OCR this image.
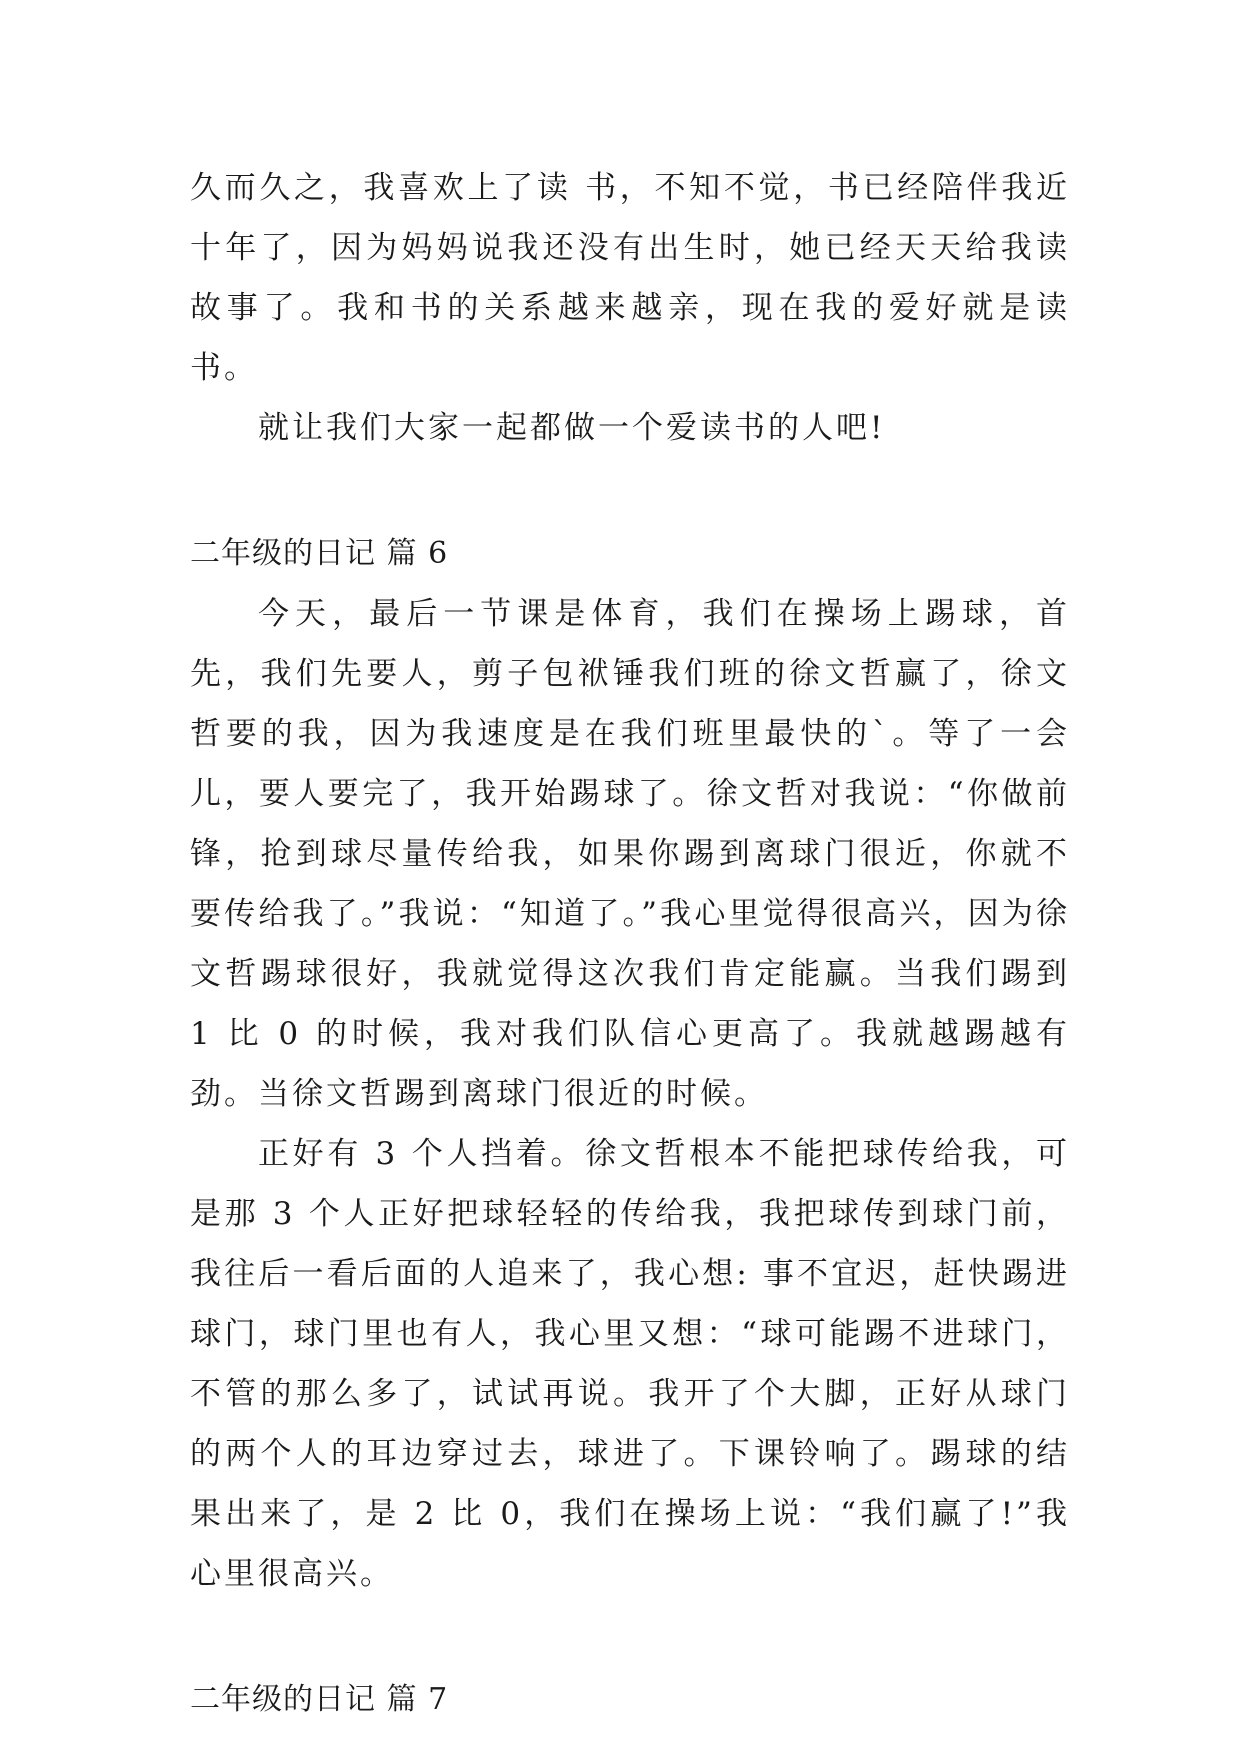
久而久之，我喜欢上了读 书，不知不觉，书已经陪伴我近十年了，因为妈妈说我还没有出生时，她已经天天给我读故事了。我和书的关系越来越亲，现在我的爱好就是读书。

就让我们大家一起都做一个爱读书的人吧!

二年级的日记 篇 6

今天，最后一节课是体育，我们在操场上踢球，首先，我们先要人，剪子包袱锤我们班的徐文哲赢了，徐文哲要的我，因为我速度是在我们班里最快的`。等了一会儿，要人要完了，我开始踢球了。徐文哲对我说：“你做前锋，抢到球尽量传给我，如果你踢到离球门很近，你就不要传给我了。”我说：“知道了。”我心里觉得很高兴，因为徐文哲踢球很好，我就觉得这次我们肯定能赢。当我们踢到 1 比 0 的时候，我对我们队信心更高了。我就越踢越有劲。当徐文哲踢到离球门很近的时候。

正好有 3 个人挡着。徐文哲根本不能把球传给我，可是那 3 个人正好把球轻轻的传给我，我把球传到球门前，我往后一看后面的人追来了，我心想: 事不宜迟，赶快踢进球门，球门里也有人，我心里又想：“球可能踢不进球门，不管的那么多了，试试再说。我开了个大脚，正好从球门的两个人的耳边穿过去，球进了。下课铃响了。踢球的结果出来了，是 2 比 0，我们在操场上说：“我们赢了!”我心里很高兴。

二年级的日记 篇 7
